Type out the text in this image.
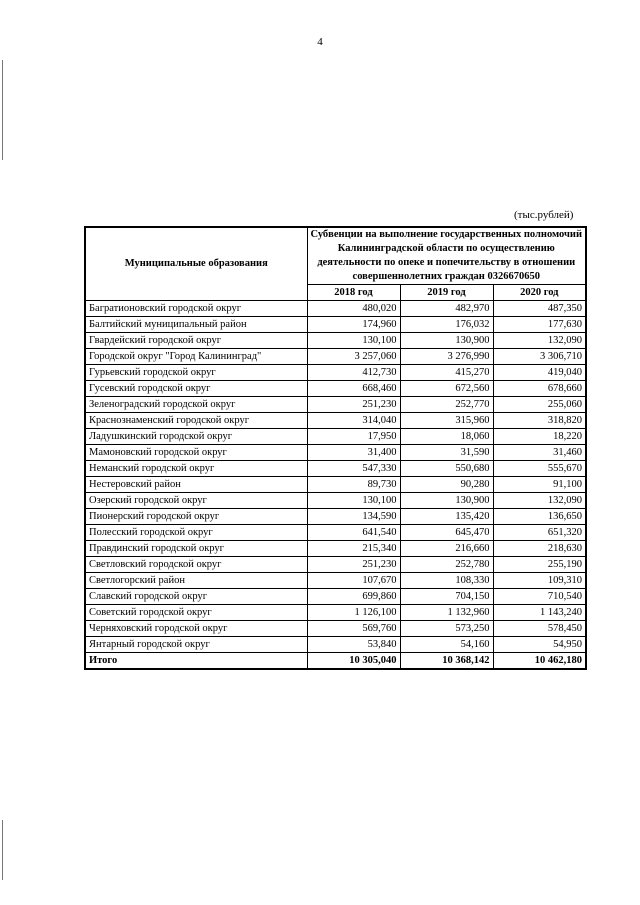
4
(тыс.рублей)
Муниципальные образования	Субвенции на выполнение государственных полномочий Калининградской области по осуществлению деятельности по опеке и попечительству в отношении совершеннолетних граждан 0326670650		
	2018 год	2019 год	2020 год
Багратионовский городской округ	480,020	482,970	487,350
Балтийский муниципальный район	174,960	176,032	177,630
Гвардейский городской округ	130,100	130,900	132,090
Городской округ "Город Калининград"	3 257,060	3 276,990	3 306,710
Гурьевский городской округ	412,730	415,270	419,040
Гусевский городской округ	668,460	672,560	678,660
Зеленоградский городской округ	251,230	252,770	255,060
Краснознаменский городской округ	314,040	315,960	318,820
Ладушкинский городской округ	17,950	18,060	18,220
Мамоновский городской округ	31,400	31,590	31,460
Неманский городской округ	547,330	550,680	555,670
Нестеровский район	89,730	90,280	91,100
Озерский городской округ	130,100	130,900	132,090
Пионерский городской округ	134,590	135,420	136,650
Полесский городской округ	641,540	645,470	651,320
Правдинский городской округ	215,340	216,660	218,630
Светловский городской округ	251,230	252,780	255,190
Светлогорский район	107,670	108,330	109,310
Славский городской округ	699,860	704,150	710,540
Советский городской округ	1 126,100	1 132,960	1 143,240
Черняховский городской округ	569,760	573,250	578,450
Янтарный городской округ	53,840	54,160	54,950
Итого	10 305,040	10 368,142	10 462,180
